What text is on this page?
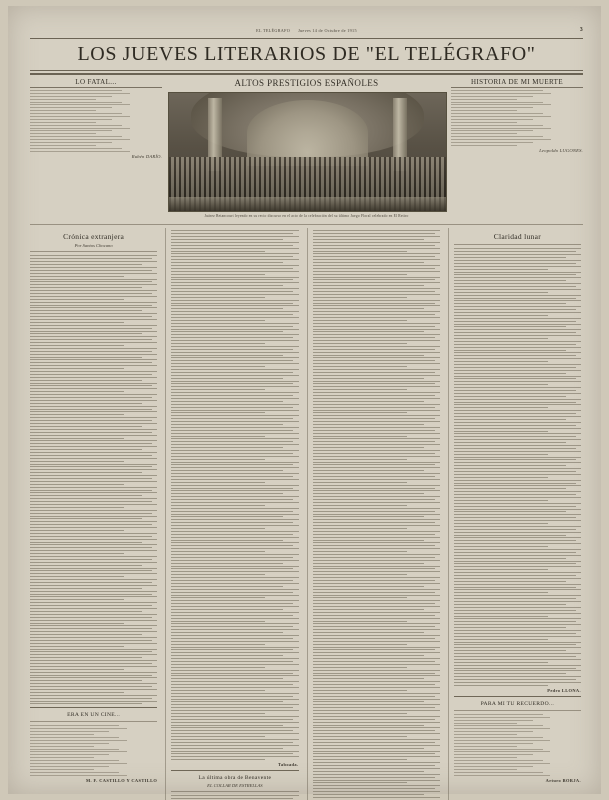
EL TELÉGRAFO Jueves 14 de Octubre de 1915	3
LOS JUEVES LITERARIOS DE "EL TELÉGRAFO"
LO FATAL...
Rubén DARÍO.
ALTOS PRESTIGIOS ESPAÑOLES
Juárez Betancourt leyendo en su recio discurso en el acto de la celebración del su último Juego Floral celebrado en El Retiro
HISTORIA DE MI MUERTE
Leopoldo LUGONES.
Crónica extranjera
Por Santos Chocano
ERA EN UN CINE...
M. F. CASTILLO Y CASTILLO
Taboada.
La última obra de Benavente
EL COLLAR DE ESTRELLAS
Claridad lunar
Pedro LLONA.
PARA MI TU RECUERDO...
Arturo BORJA.
